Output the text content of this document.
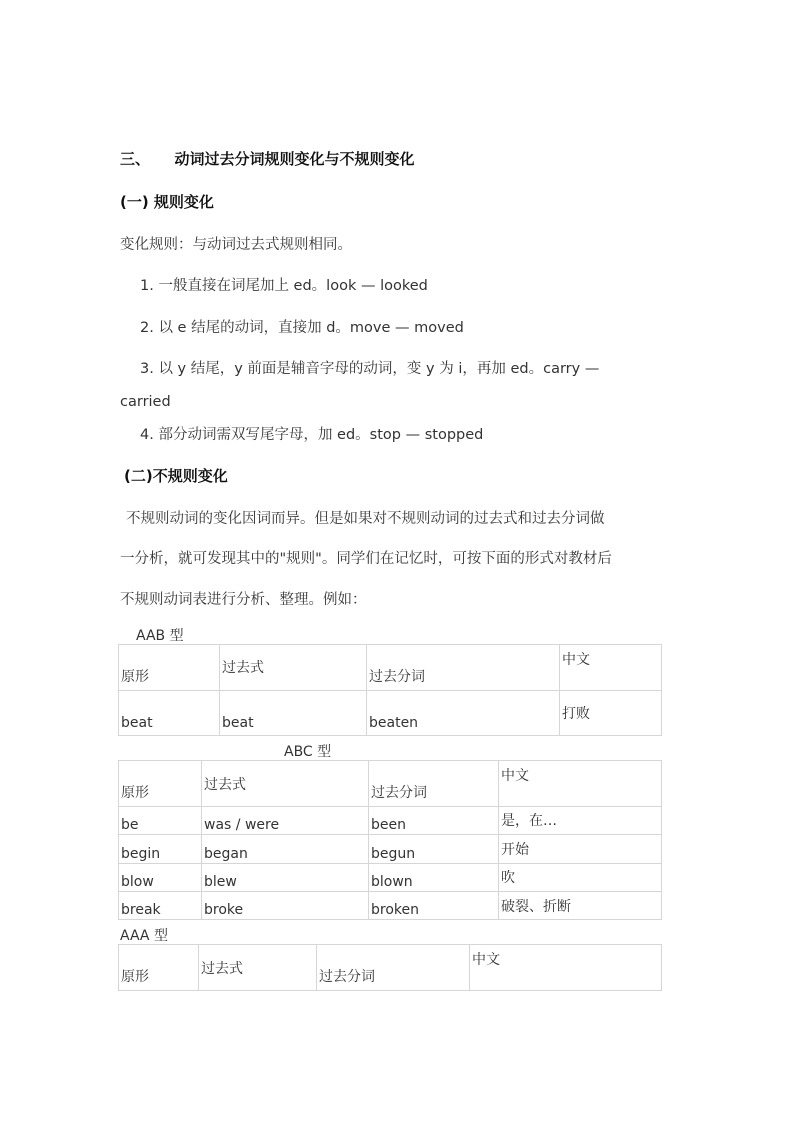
三、 动词过去分词规则变化与不规则变化
(一) 规则变化
变化规则：与动词过去式规则相同。
1. 一般直接在词尾加上 ed。look — looked
2. 以 e 结尾的动词，直接加 d。move — moved
3. 以 y 结尾，y 前面是辅音字母的动词，变 y 为 i，再加 ed。carry —
carried
4. 部分动词需双写尾字母，加 ed。stop — stopped
(二)不规则变化
不规则动词的变化因词而异。但是如果对不规则动词的过去式和过去分词做
一分析，就可发现其中的"规则"。同学们在记忆时，可按下面的形式对教材后
不规则动词表进行分析、整理。例如：
AAB 型
原形	过去式	过去分词	中文
beat	beat	beaten	打败
ABC 型
原形	过去式	过去分词	中文
be	was / were	been	是，在…
begin	began	begun	开始
blow	blew	blown	吹
break	broke	broken	破裂、折断
AAA 型
原形	过去式	过去分词	中文
